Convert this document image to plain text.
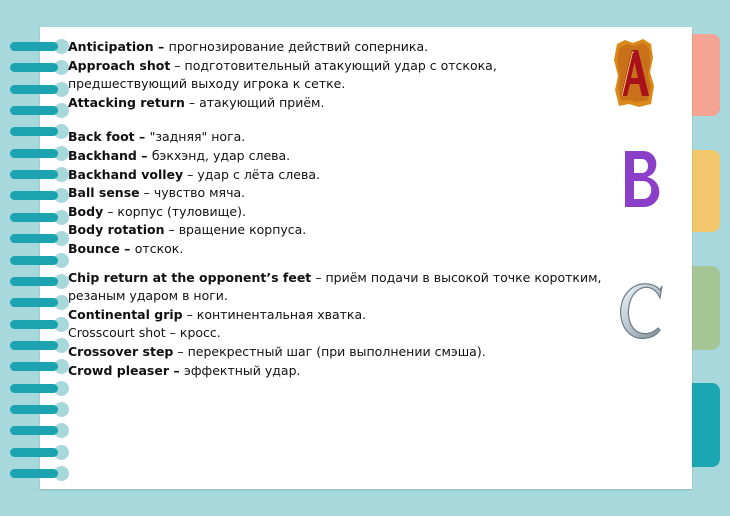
Anticipation – прогнозирование действий соперника.

Approach shot – подготовительный атакующий удар с отскока, предшествующий выходу игрока к сетке.

Attacking return – атакующий приём.

Back foot – "задняя" нога.

Backhand – бэкхэнд, удар слева.

Backhand volley – удар с лёта слева.

Ball sense – чувство мяча.

Body – корпус (туловище).

Body rotation – вращение корпуса.

Bounce – отскок.

Chip return at the opponent’s feet – приём подачи в высокой точке коротким, резаным ударом в ноги.

Continental grip – континентальная хватка.

Crosscourt shot – кросс.

Crossover step – перекрестный шаг (при выполнении смэша).

Crowd pleaser – эффектный удар.
